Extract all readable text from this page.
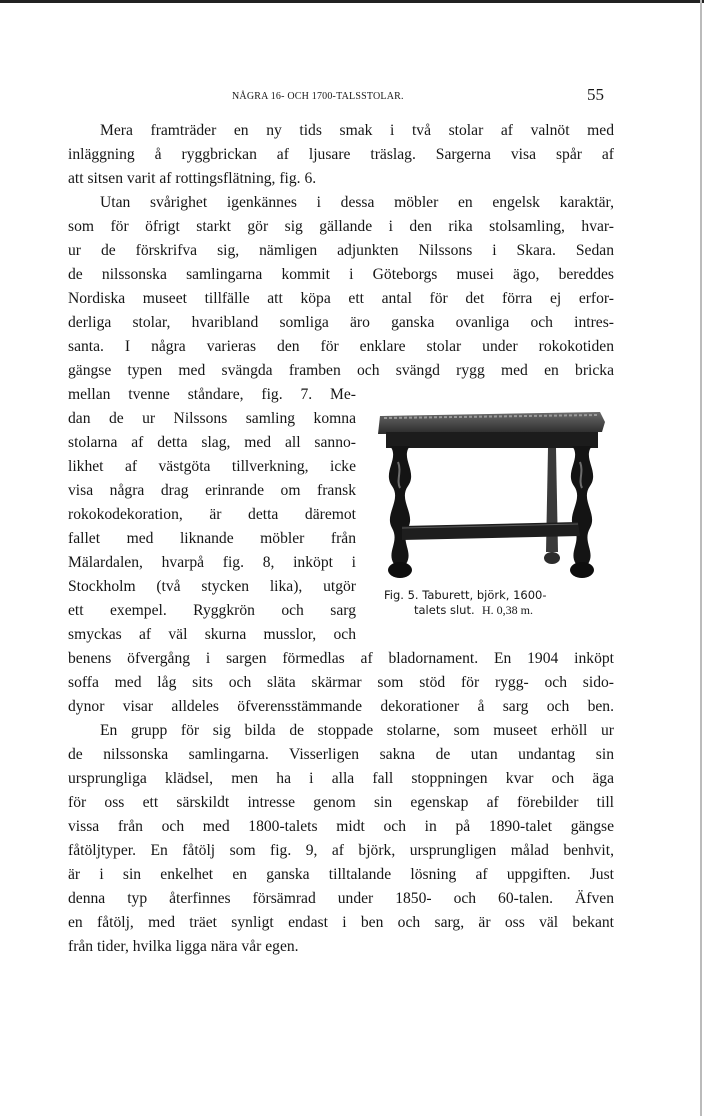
NÅGRA 16- OCH 1700-TALSSTOLAR.	55
Mera framträder en ny tids smak i två stolar af valnöt med
inläggning å ryggbrickan af ljusare träslag. Sargerna visa spår af
att sitsen varit af rottingsflätning, fig. 6.
Utan svårighet igenkännes i dessa möbler en engelsk karaktär,
som för öfrigt starkt gör sig gällande i den rika stolsamling, hvar-
ur de förskrifva sig, nämligen adjunkten Nilssons i Skara. Sedan
de nilssonska samlingarna kommit i Göteborgs musei ägo, bereddes
Nordiska museet tillfälle att köpa ett antal för det förra ej erfor-
derliga stolar, hvaribland somliga äro ganska ovanliga och intres-
santa. I några varieras den för enklare stolar under rokokotiden
gängse typen med svängda framben och svängd rygg med en bricka
mellan tvenne ståndare, fig. 7. Me-
dan de ur Nilssons samling komna
stolarna af detta slag, med all sanno-
likhet af västgöta tillverkning, icke
visa några drag erinrande om fransk
rokokodekoration, är detta däremot
fallet med liknande möbler från
Mälardalen, hvarpå fig. 8, inköpt i
Stockholm (två stycken lika), utgör
ett exempel. Ryggkrön och sarg
smyckas af väl skurna musslor, och
benens öfvergång i sargen förmedlas af bladornament. En 1904 inköpt
soffa med låg sits och släta skärmar som stöd för rygg- och sido-
dynor visar alldeles öfverensstämmande dekorationer å sarg och ben.
En grupp för sig bilda de stoppade stolarne, som museet erhöll ur
de nilssonska samlingarna. Visserligen sakna de utan undantag sin
ursprungliga klädsel, men ha i alla fall stoppningen kvar och äga
för oss ett särskildt intresse genom sin egenskap af förebilder till
vissa från och med 1800-talets midt och in på 1890-talet gängse
fåtöljtyper. En fåtölj som fig. 9, af björk, ursprungligen målad benhvit,
är i sin enkelhet en ganska tilltalande lösning af uppgiften. Just
denna typ återfinnes försämrad under 1850- och 60-talen. Äfven
en fåtölj, med träet synligt endast i ben och sarg, är oss väl bekant
från tider, hvilka ligga nära vår egen.
Fig. 5. Taburett, björk, 1600-
talets slut. H. 0,38 m.
